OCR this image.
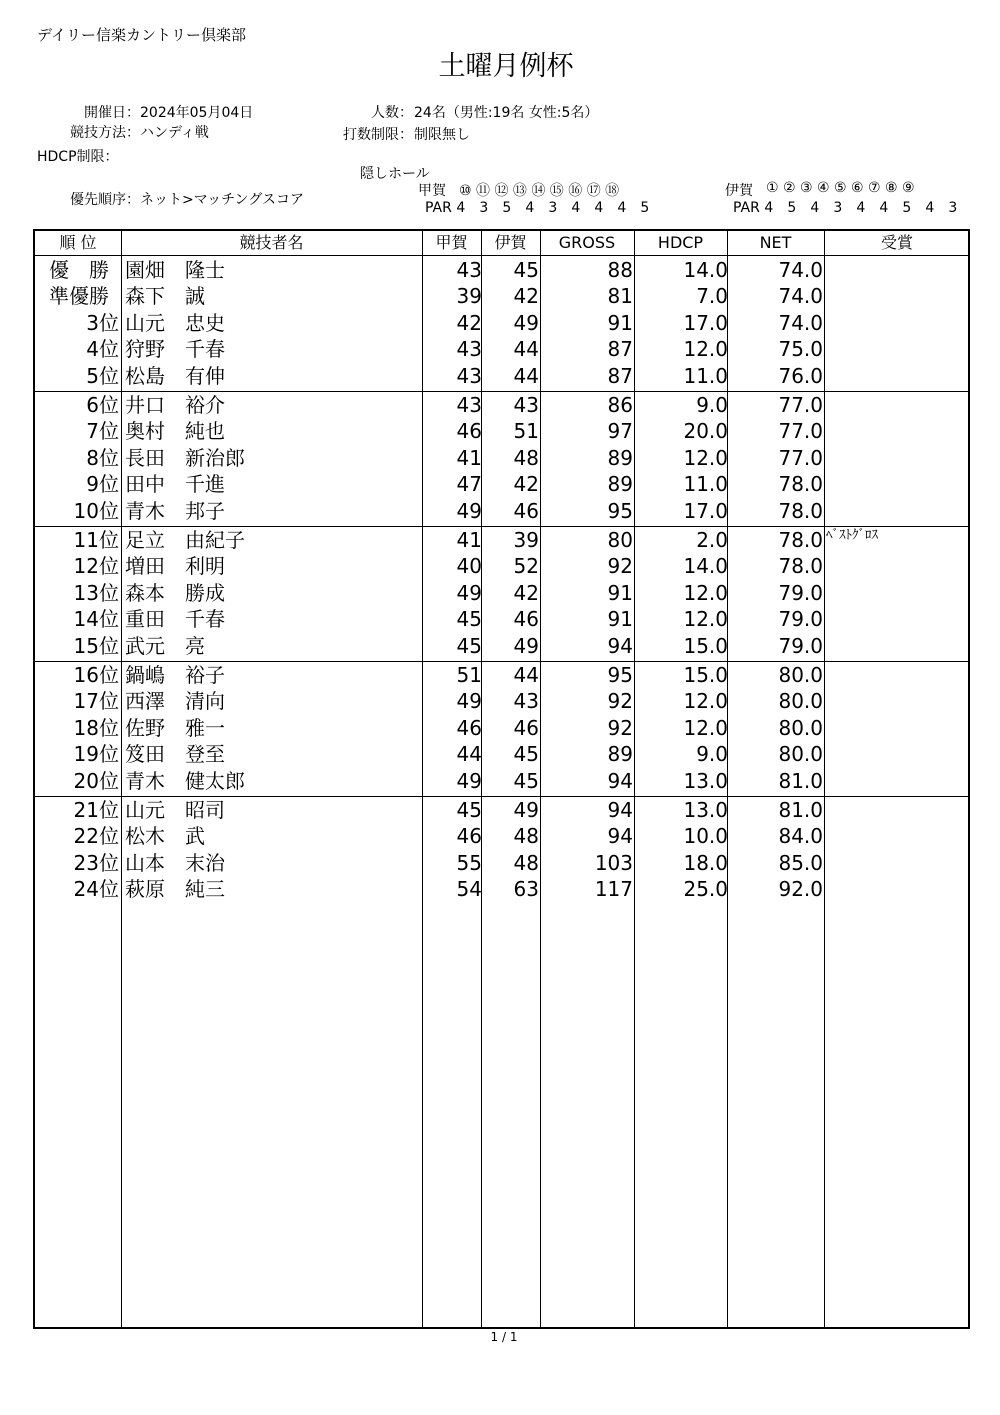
デイリー信楽カントリー倶楽部
土曜月例杯
開催日： 2024年05月04日	人数： 24名（男性:19名 女性:5名）
競技方法： ハンディ戦	打数制限： 制限無し
HDCP制限：
隠しホール
優先順序： ネット>マッチングスコア
甲賀 ⑩ ⑪ ⑫ ⑬ ⑭ ⑮ ⑯ ⑰ ⑱
PAR 4 3 5 4 3 4 4 4 5
伊賀 ① ② ③ ④ ⑤ ⑥ ⑦ ⑧ ⑨
PAR 4 5 4 3 4 4 5 4 3
順 位	競技者名	甲賀	伊賀	GROSS	HDCP	NET	受賞
優　勝 園畑　隆士	43	45	88	14.0	74.0
準優勝 森下　誠	39	42	81	7.0	74.0
3位 山元　忠史	42	49	91	17.0	74.0
4位 狩野　千春	43	44	87	12.0	75.0
5位 松島　有伸	43	44	87	11.0	76.0
6位 井口　裕介	43	43	86	9.0	77.0
7位 奥村　純也	46	51	97	20.0	77.0
8位 長田　新治郎	41	48	89	12.0	77.0
9位 田中　千進	47	42	89	11.0	78.0
10位 青木　邦子	49	46	95	17.0	78.0
11位 足立　由紀子	41	39	80	2.0	78.0 ﾍﾞｽﾄｸﾞﾛｽ
12位 増田　利明	40	52	92	14.0	78.0
13位 森本　勝成	49	42	91	12.0	79.0
14位 重田　千春	45	46	91	12.0	79.0
15位 武元　亮	45	49	94	15.0	79.0
16位 鍋嶋　裕子	51	44	95	15.0	80.0
17位 西澤　清向	49	43	92	12.0	80.0
18位 佐野　雅一	46	46	92	12.0	80.0
19位 笈田　登至	44	45	89	9.0	80.0
20位 青木　健太郎	49	45	94	13.0	81.0
21位 山元　昭司	45	49	94	13.0	81.0
22位 松木　武	46	48	94	10.0	84.0
23位 山本　末治	55	48	103	18.0	85.0
24位 萩原　純三	54	63	117	25.0	92.0
1 / 1
